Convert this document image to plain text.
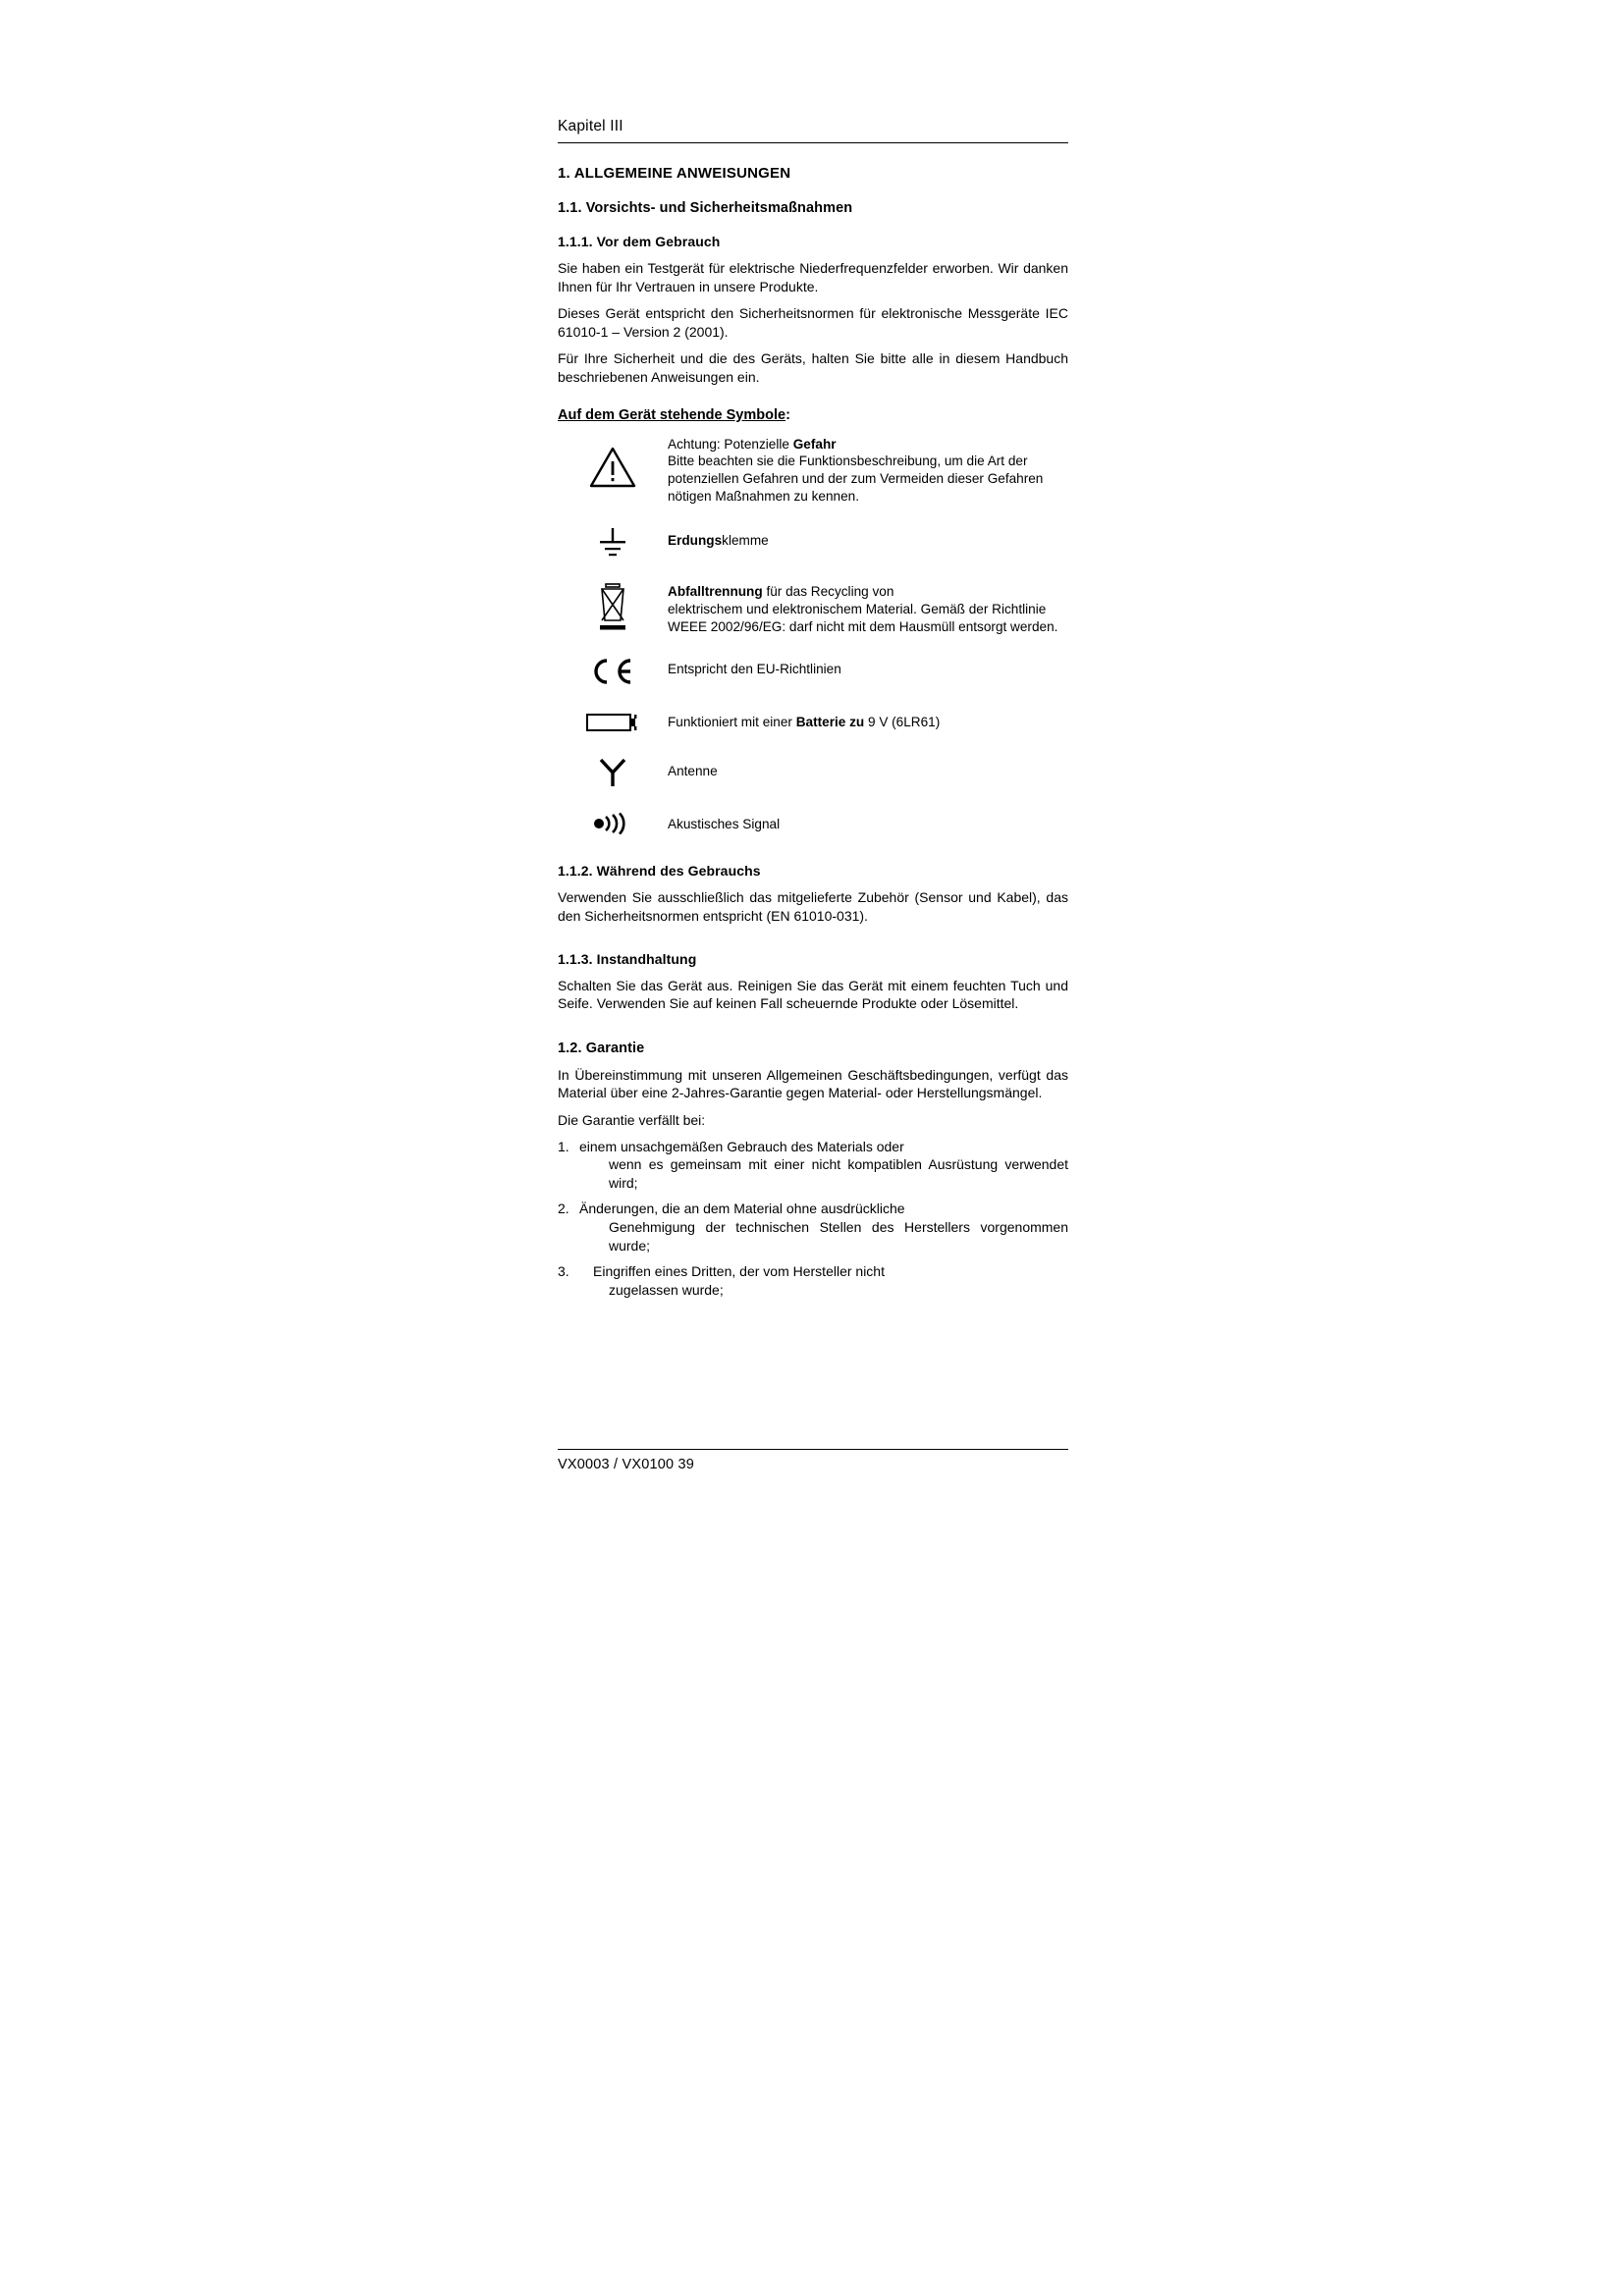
Kapitel III
1. ALLGEMEINE ANWEISUNGEN
1.1. Vorsichts- und Sicherheitsmaßnahmen
1.1.1. Vor dem Gebrauch

Sie haben ein Testgerät für elektrische Niederfrequenzfelder erworben. Wir danken Ihnen für Ihr Vertrauen in unsere Produkte.

Dieses Gerät entspricht den Sicherheitsnormen für elektronische Messgeräte IEC 61010-1 – Version 2 (2001).

Für Ihre Sicherheit und die des Geräts, halten Sie bitte alle in diesem Handbuch beschriebenen Anweisungen ein.

Auf dem Gerät stehende Symbole:

Achtung: Potenzielle Gefahr
Bitte beachten sie die Funktionsbeschreibung, um die Art der potenziellen Gefahren und der zum Vermeiden dieser Gefahren nötigen Maßnahmen zu kennen.

Erdungsklemme

Abfalltrennung für das Recycling von
elektrischem und elektronischem Material. Gemäß der Richtlinie WEEE 2002/96/EG: darf nicht mit dem Hausmüll entsorgt werden.

Entspricht den EU-Richtlinien

Funktioniert mit einer Batterie zu 9 V (6LR61)

Antenne

Akustisches Signal
1.1.2. Während des Gebrauchs

Verwenden Sie ausschließlich das mitgelieferte Zubehör (Sensor und Kabel), das den Sicherheitsnormen entspricht (EN 61010-031).

1.1.3. Instandhaltung

Schalten Sie das Gerät aus. Reinigen Sie das Gerät mit einem feuchten Tuch und Seife. Verwenden Sie auf keinen Fall scheuernde Produkte oder Lösemittel.

1.2. Garantie

In Übereinstimmung mit unseren Allgemeinen Geschäftsbedingungen, verfügt das Material über eine 2-Jahres-Garantie gegen Material- oder Herstellungsmängel.

Die Garantie verfällt bei:

1. einem unsachgemäßen Gebrauch des Materials oder
wenn es gemeinsam mit einer nicht kompatiblen Ausrüstung verwendet wird;
2. Änderungen, die an dem Material ohne ausdrückliche
Genehmigung der technischen Stellen des Herstellers vorgenommen wurde;
3.	Eingriffen eines Dritten, der vom Hersteller nicht
zugelassen wurde;
VX0003 / VX0100 39
